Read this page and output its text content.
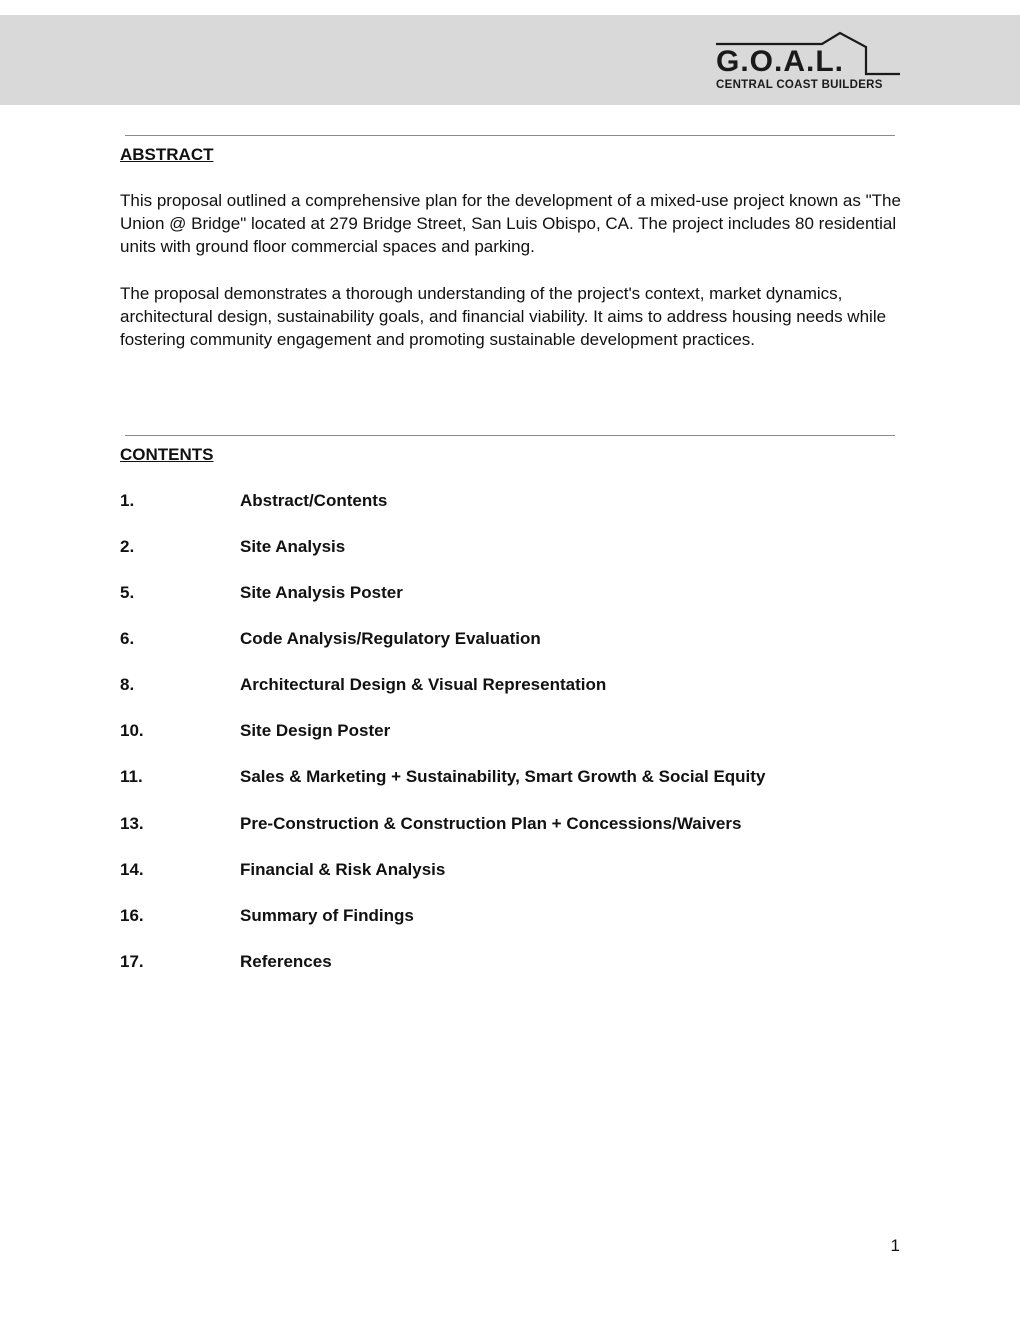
G.O.A.L.
CENTRAL COAST BUILDERS
ABSTRACT

This proposal outlined a comprehensive plan for the development of a mixed-use project known as "The Union @ Bridge" located at 279 Bridge Street, San Luis Obispo, CA. The project includes 80 residential units with ground floor commercial spaces and parking.

The proposal demonstrates a thorough understanding of the project's context, market dynamics, architectural design, sustainability goals, and financial viability. It aims to address housing needs while fostering community engagement and promoting sustainable development practices.

CONTENTS
1.	Abstract/Contents
2.	Site Analysis
5.	Site Analysis Poster
6.	Code Analysis/Regulatory Evaluation
8.	Architectural Design & Visual Representation
10.	Site Design Poster
11.	Sales & Marketing + Sustainability, Smart Growth & Social Equity
13.	Pre-Construction & Construction Plan + Concessions/Waivers
14.	Financial & Risk Analysis
16.	Summary of Findings
17.	References
1
